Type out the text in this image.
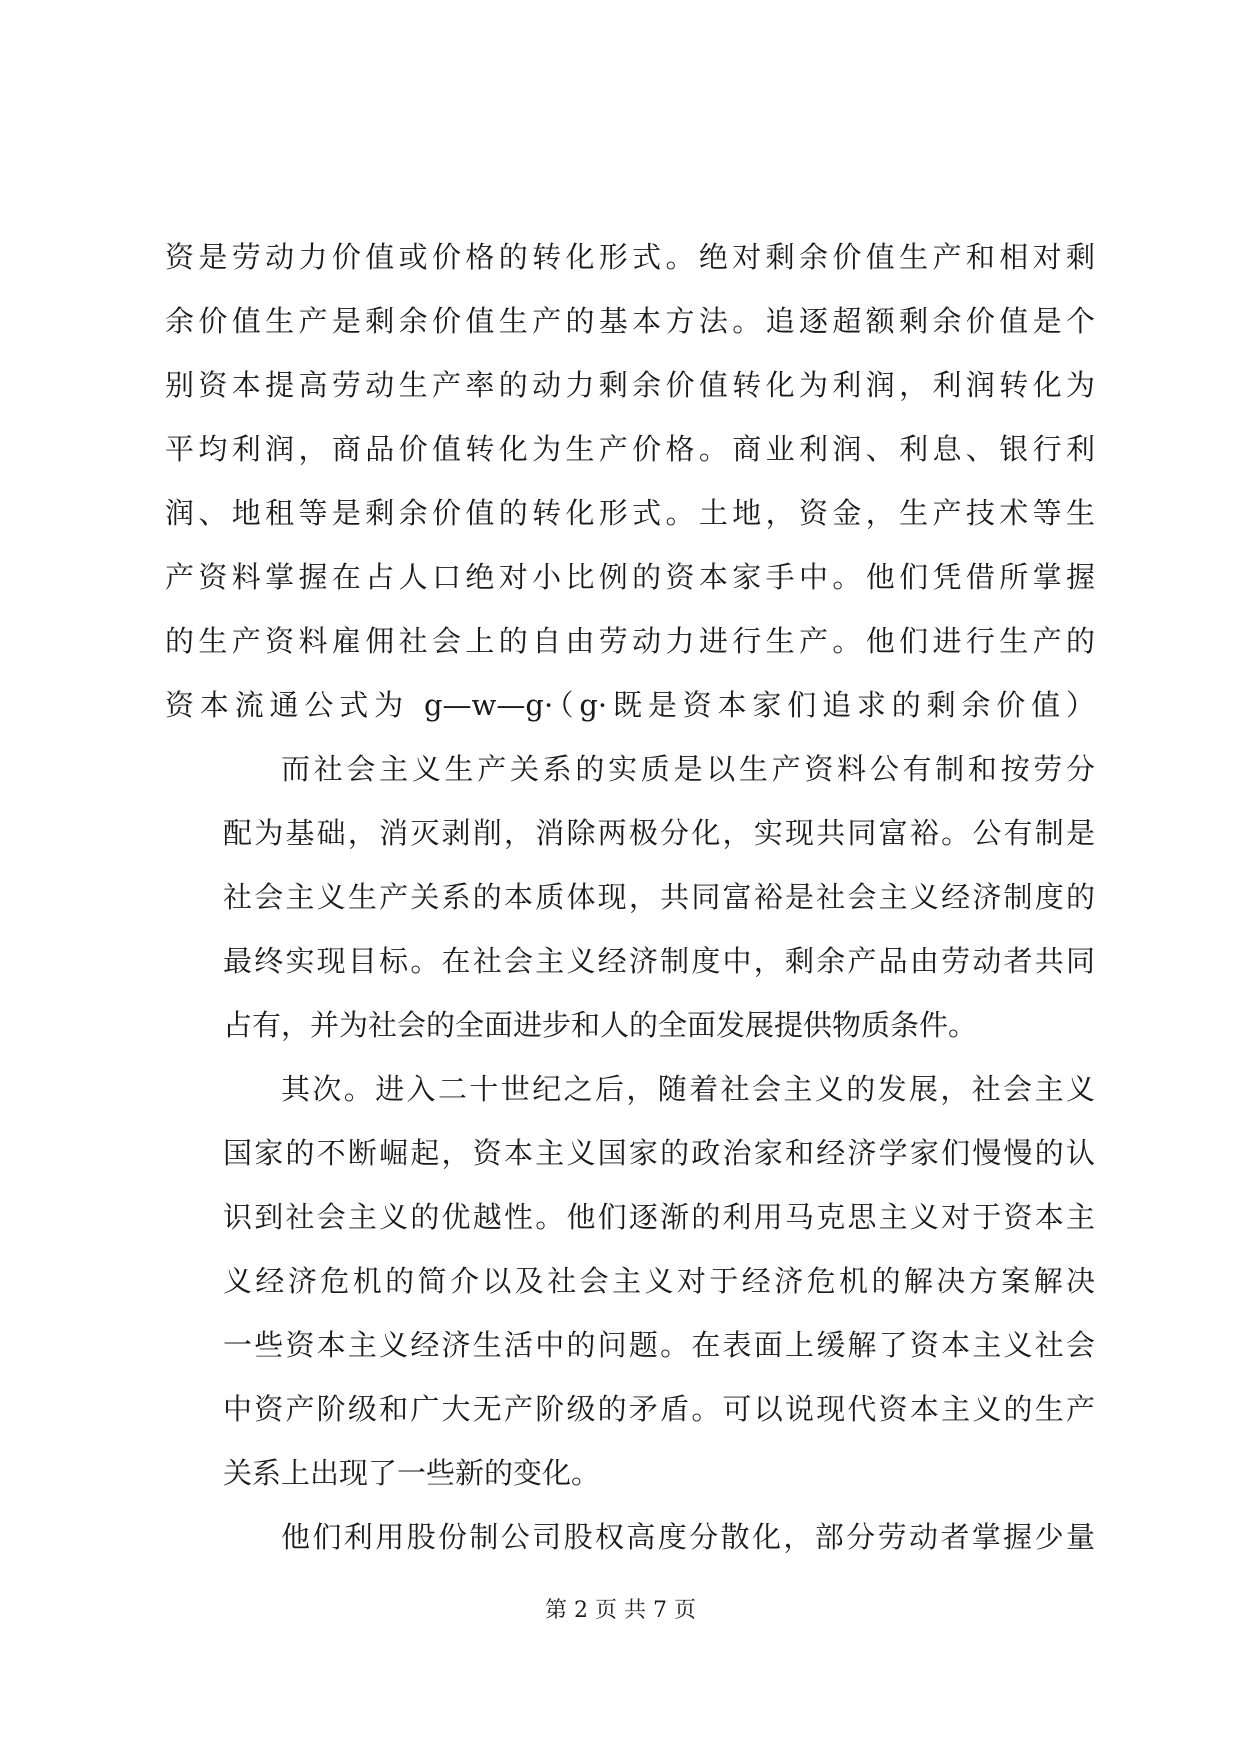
资是劳动力价值或价格的转化形式。绝对剩余价值生产和相对剩
余价值生产是剩余价值生产的基本方法。追逐超额剩余价值是个
别资本提高劳动生产率的动力剩余价值转化为利润，利润转化为
平均利润，商品价值转化为生产价格。商业利润、利息、银行利
润、地租等是剩余价值的转化形式。土地，资金，生产技术等生
产资料掌握在占人口绝对小比例的资本家手中。他们凭借所掌握
的生产资料雇佣社会上的自由劳动力进行生产。他们进行生产的
资本流通公式为 g—w—g·（g·既是资本家们追求的剩余价值）
而社会主义生产关系的实质是以生产资料公有制和按劳分
配为基础，消灭剥削，消除两极分化，实现共同富裕。公有制是
社会主义生产关系的本质体现，共同富裕是社会主义经济制度的
最终实现目标。在社会主义经济制度中，剩余产品由劳动者共同
占有，并为社会的全面进步和人的全面发展提供物质条件。
其次。进入二十世纪之后，随着社会主义的发展，社会主义
国家的不断崛起，资本主义国家的政治家和经济学家们慢慢的认
识到社会主义的优越性。他们逐渐的利用马克思主义对于资本主
义经济危机的简介以及社会主义对于经济危机的解决方案解决
一些资本主义经济生活中的问题。在表面上缓解了资本主义社会
中资产阶级和广大无产阶级的矛盾。可以说现代资本主义的生产
关系上出现了一些新的变化。
他们利用股份制公司股权高度分散化，部分劳动者掌握少量
第 2 页 共 7 页
